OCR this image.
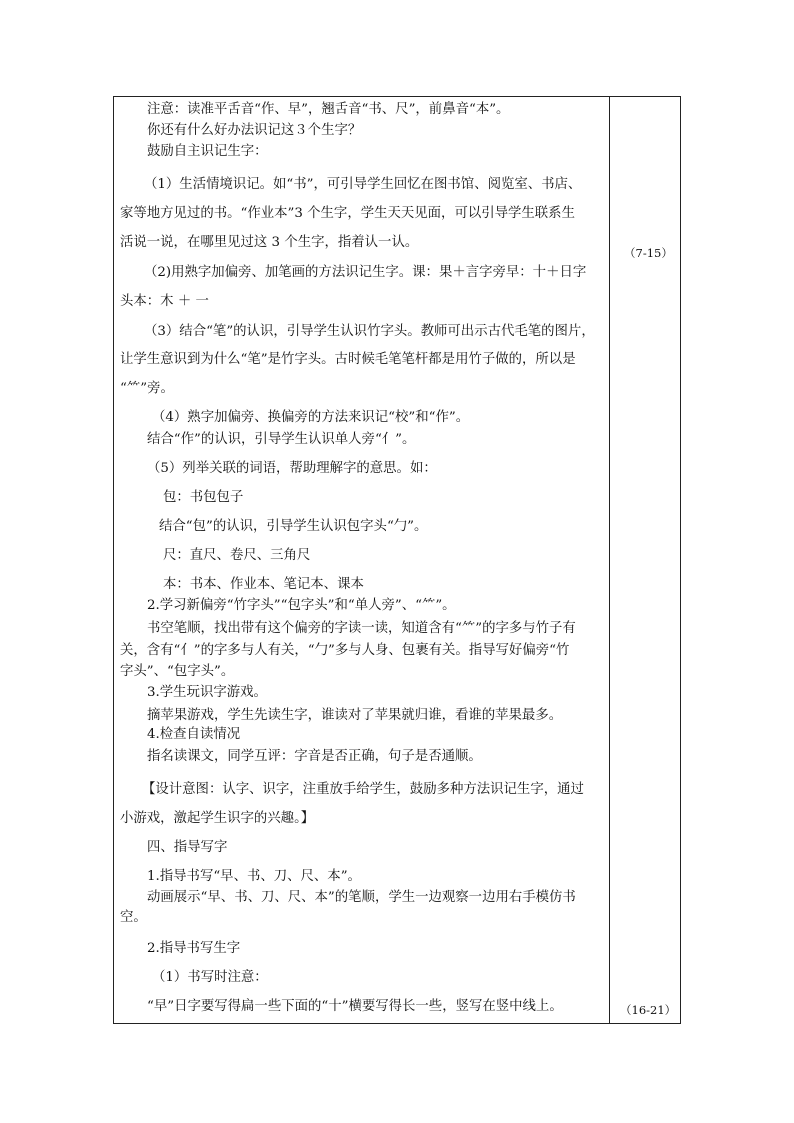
注意：读准平舌音“作、早”，翘舌音“书、尺”，前鼻音“本”。
你还有什么好办法识记这３个生字？
鼓励自主识记生字：
（1）生活情境识记。如“书”，可引导学生回忆在图书馆、阅览室、书店、
家等地方见过的书。“作业本”3 个生字，学生天天见面，可以引导学生联系生
活说一说，在哪里见过这 3 个生字，指着认一认。
（2)用熟字加偏旁、加笔画的方法识记生字。课：果＋言字旁早：十＋日字
头本：木 ＋ 一
（3）结合“笔”的认识，引导学生认识竹字头。教师可出示古代毛笔的图片，
让学生意识到为什么“笔”是竹字头。古时候毛笔笔杆都是用竹子做的，所以是
“⺮”旁。
（4）熟字加偏旁、换偏旁的方法来识记“校”和“作”。
结合“作”的认识，引导学生认识单人旁“亻”。
（5）列举关联的词语，帮助理解字的意思。如：
包：书包包子
结合“包”的认识，引导学生认识包字头“勹”。
尺：直尺、卷尺、三角尺
本：书本、作业本、笔记本、课本
2.学习新偏旁“竹字头”“包字头”和“单人旁”、“⺮”。
书空笔顺，找出带有这个偏旁的字读一读，知道含有“⺮”的字多与竹子有
关，含有“亻”的字多与人有关，“勹”多与人身、包裹有关。指导写好偏旁“竹
字头”、“包字头”。
3.学生玩识字游戏。
摘苹果游戏，学生先读生字，谁读对了苹果就归谁，看谁的苹果最多。
4.检查自读情况
指名读课文，同学互评：字音是否正确，句子是否通顺。
【设计意图：认字、识字，注重放手给学生，鼓励多种方法识记生字，通过
小游戏，激起学生识字的兴趣。】
四、指导写字
1.指导书写“早、书、刀、尺、本”。
动画展示“早、书、刀、尺、本”的笔顺，学生一边观察一边用右手模仿书
空。
2.指导书写生字
（1）书写时注意：
“早”日字要写得扁一些下面的“十”横要写得长一些，竖写在竖中线上。
（7-15）
（16-21）
